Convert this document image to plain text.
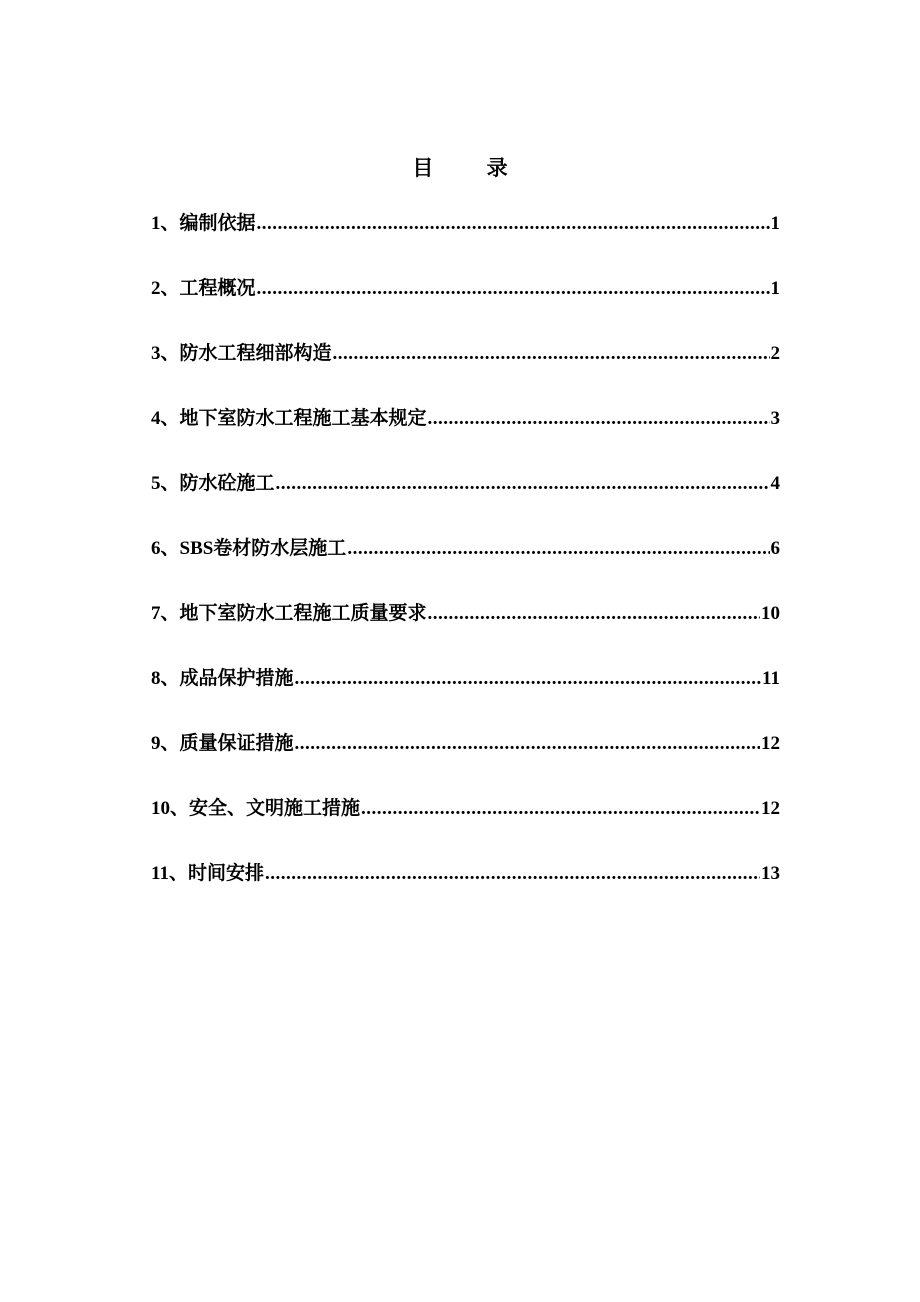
目 录
1、编制依据 .....	1
2、工程概况 .....	1
3、防水工程细部构造 .....	2
4、地下室防水工程施工基本规定 .....	3
5、防水砼施工 .....	4
6、SBS卷材防水层施工 .....	6
7、地下室防水工程施工质量要求 .....	10
8、成品保护措施 .....	11
9、质量保证措施 .....	12
10、安全、文明施工措施 .....	12
11、时间安排 .....	13
